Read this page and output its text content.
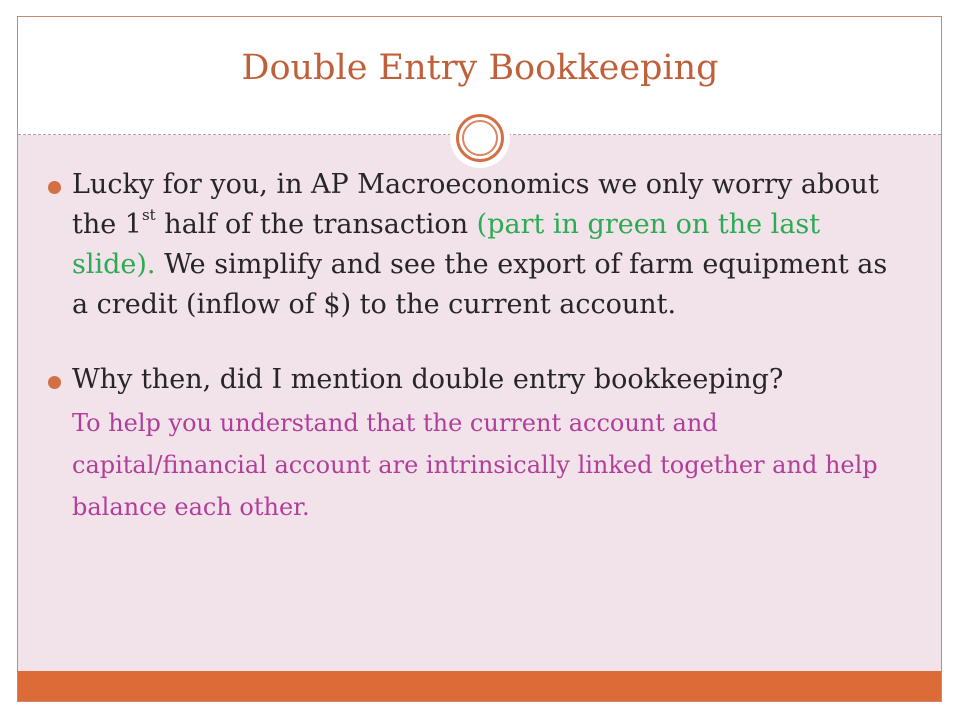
Double Entry Bookkeeping
Lucky for you, in AP Macroeconomics we only worry about the 1st half of the transaction (part in green on the last slide). We simplify and see the export of farm equipment as a credit (inflow of $) to the current account.
Why then, did I mention double entry bookkeeping?
To help you understand that the current account and capital/financial account are intrinsically linked together and help balance each other.
